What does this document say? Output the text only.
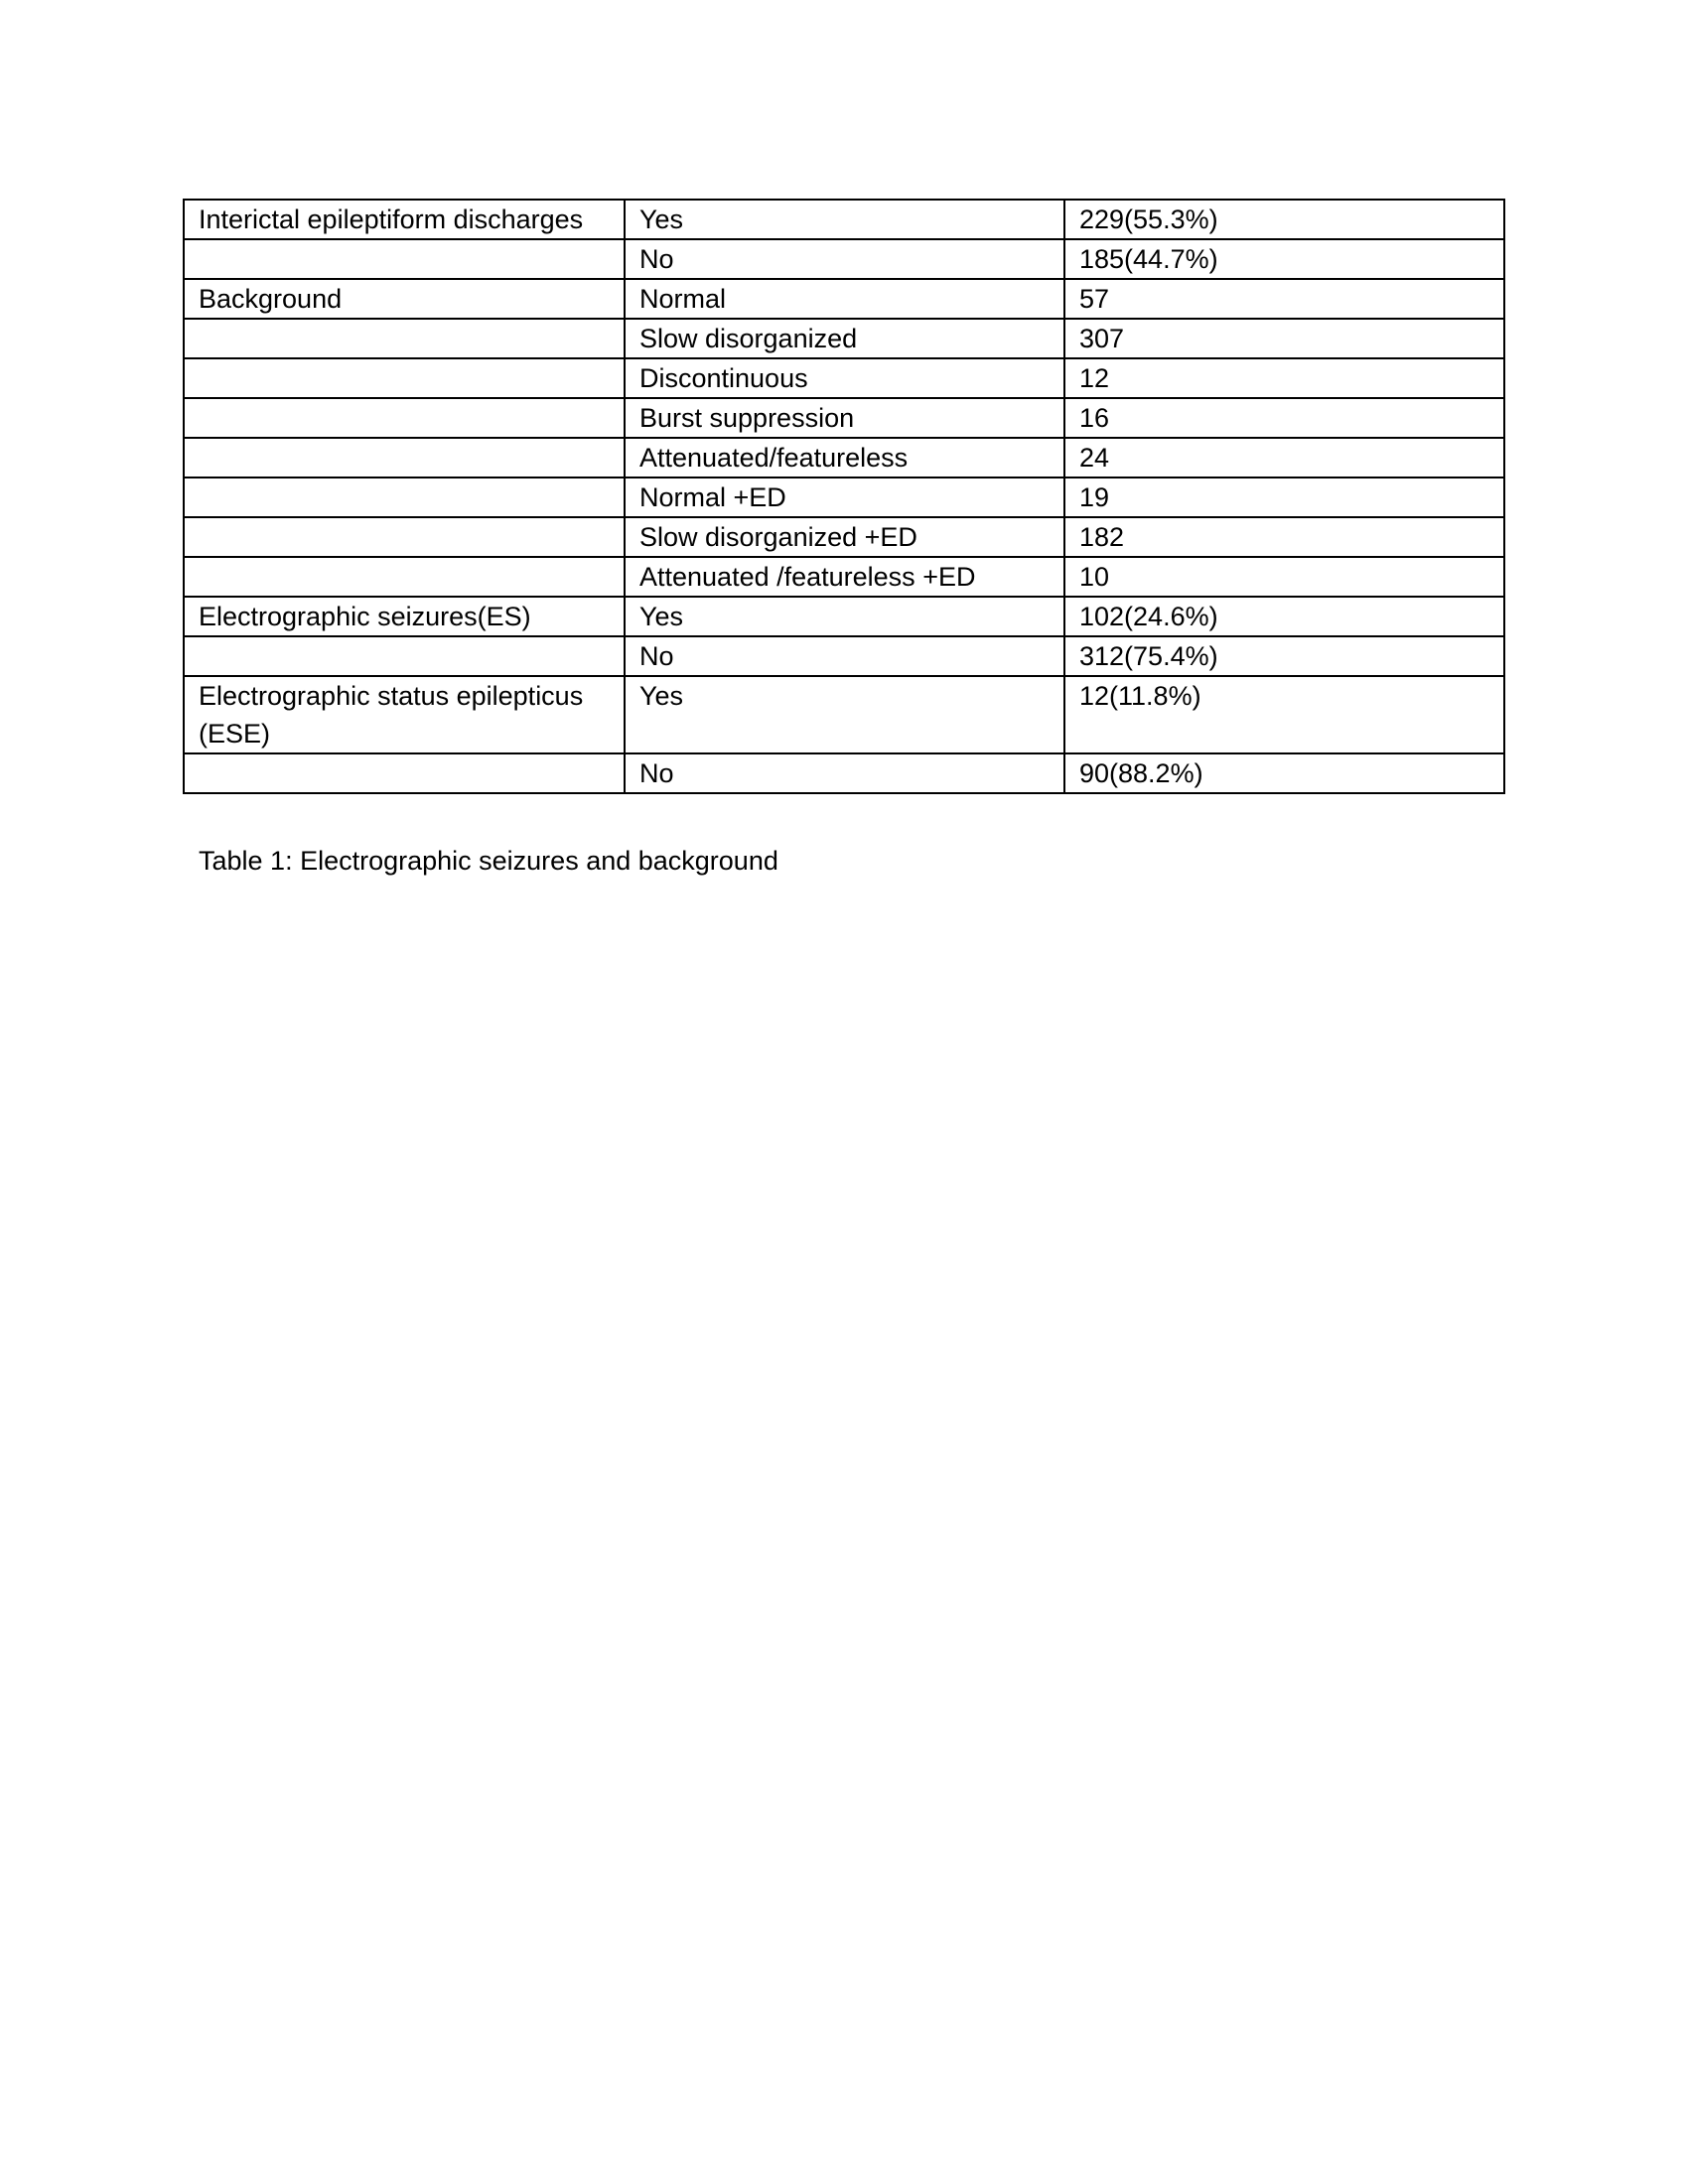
Interictal epileptiform discharges	Yes	229(55.3%)
	No	185(44.7%)
Background	Normal	57
	Slow disorganized	307
	Discontinuous	12
	Burst suppression	16
	Attenuated/featureless	24
	Normal +ED	19
	Slow disorganized +ED	182
	Attenuated /featureless +ED	10
Electrographic seizures(ES)	Yes	102(24.6%)
	No	312(75.4%)
Electrographic status epilepticus (ESE)	Yes	12(11.8%)
	No	90(88.2%)
Table 1: Electrographic seizures and background
